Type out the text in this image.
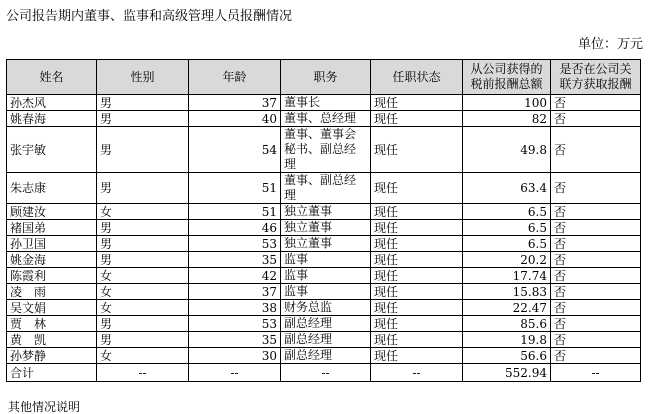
公司报告期内董事、监事和高级管理人员报酬情况
单位：万元
姓名	性别	年龄	职务	任职状态	从公司获得的税前报酬总额	是否在公司关联方获取报酬
孙杰风	男	37	董事长	现任	100	否
姚春海	男	40	董事、总经理	现任	82	否
张宇敏	男	54	董事、董事会秘书、副总经理	现任	49.8	否
朱志康	男	51	董事、副总经理	现任	63.4	否
顾建汝	女	51	独立董事	现任	6.5	否
褚国弟	男	46	独立董事	现任	6.5	否
孙卫国	男	53	独立董事	现任	6.5	否
姚金海	男	35	监事	现任	20.2	否
陈霞利	女	42	监事	现任	17.74	否
凌　雨	女	37	监事	现任	15.83	否
吴文娟	女	38	财务总监	现任	22.47	否
贾　林	男	53	副总经理	现任	85.6	否
黄　凯	男	35	副总经理	现任	19.8	否
孙梦静	女	30	副总经理	现任	56.6	否
合计	--	--	--	--	552.94	--
其他情况说明
